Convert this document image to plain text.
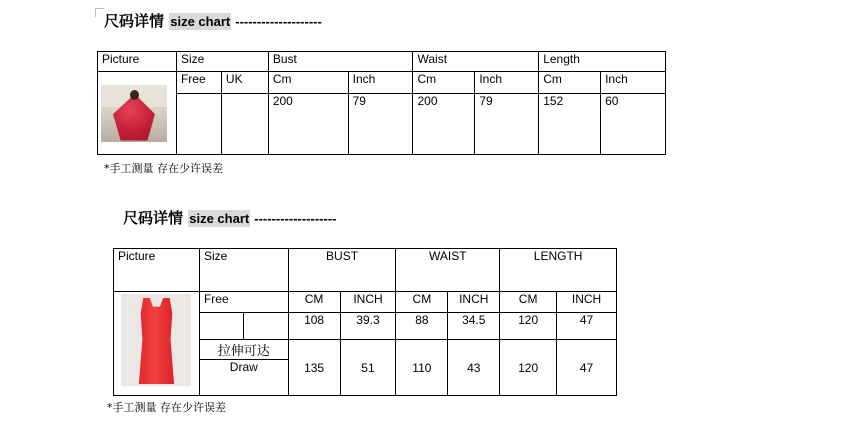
尺码详情 size chart --------------------
Picture	Size		Bust		Waist		Length	

	Free	UK	Cm	Inch	Cm	Inch	Cm	Inch
			200	79	200	79	152	60
*手工测量 存在少许误差
尺码详情 size chart -------------------
Picture	Size		BUST		WAIST		LENGTH	

	Free		CM	INCH	CM	INCH	CM	INCH
			108	39.3	88	34.5	120	47
	拉伸可达		135	51	110	43	120	47
	Draw							
*手工测量 存在少许误差
